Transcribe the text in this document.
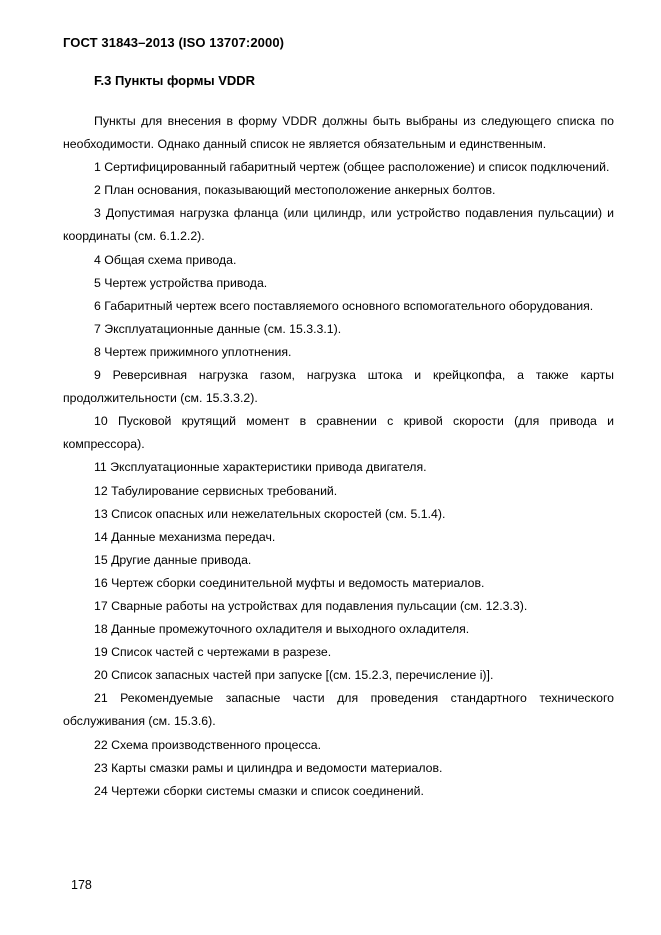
ГОСТ 31843–2013 (ISO 13707:2000)
F.3 Пункты формы VDDR

Пункты для внесения в форму VDDR должны быть выбраны из следующего списка по необходимости. Однако данный список не является обязательным и единственным.

1 Сертифицированный габаритный чертеж (общее расположение) и список подключений.

2 План основания, показывающий местоположение анкерных болтов.

3 Допустимая нагрузка фланца (или цилиндр, или устройство подавления пульсации) и координаты (см. 6.1.2.2).

4 Общая схема привода.

5 Чертеж устройства привода.

6 Габаритный чертеж всего поставляемого основного вспомогательного оборудования.

7 Эксплуатационные данные (см. 15.3.3.1).

8 Чертеж прижимного уплотнения.

9 Реверсивная нагрузка газом, нагрузка штока и крейцкопфа, а также карты продолжительности (см. 15.3.3.2).

10 Пусковой крутящий момент в сравнении с кривой скорости (для привода и компрессора).

11 Эксплуатационные характеристики привода двигателя.

12 Табулирование сервисных требований.

13 Список опасных или нежелательных скоростей (см. 5.1.4).

14 Данные механизма передач.

15 Другие данные привода.

16 Чертеж сборки соединительной муфты и ведомость материалов.

17 Сварные работы на устройствах для подавления пульсации (см. 12.3.3).

18 Данные промежуточного охладителя и выходного охладителя.

19 Список частей с чертежами в разрезе.

20 Список запасных частей при запуске [(см. 15.2.3, перечисление i)].

21 Рекомендуемые запасные части для проведения стандартного технического обслуживания (см. 15.3.6).

22 Схема производственного процесса.

23 Карты смазки рамы и цилиндра и ведомости материалов.

24 Чертежи сборки системы смазки и список соединений.

178
